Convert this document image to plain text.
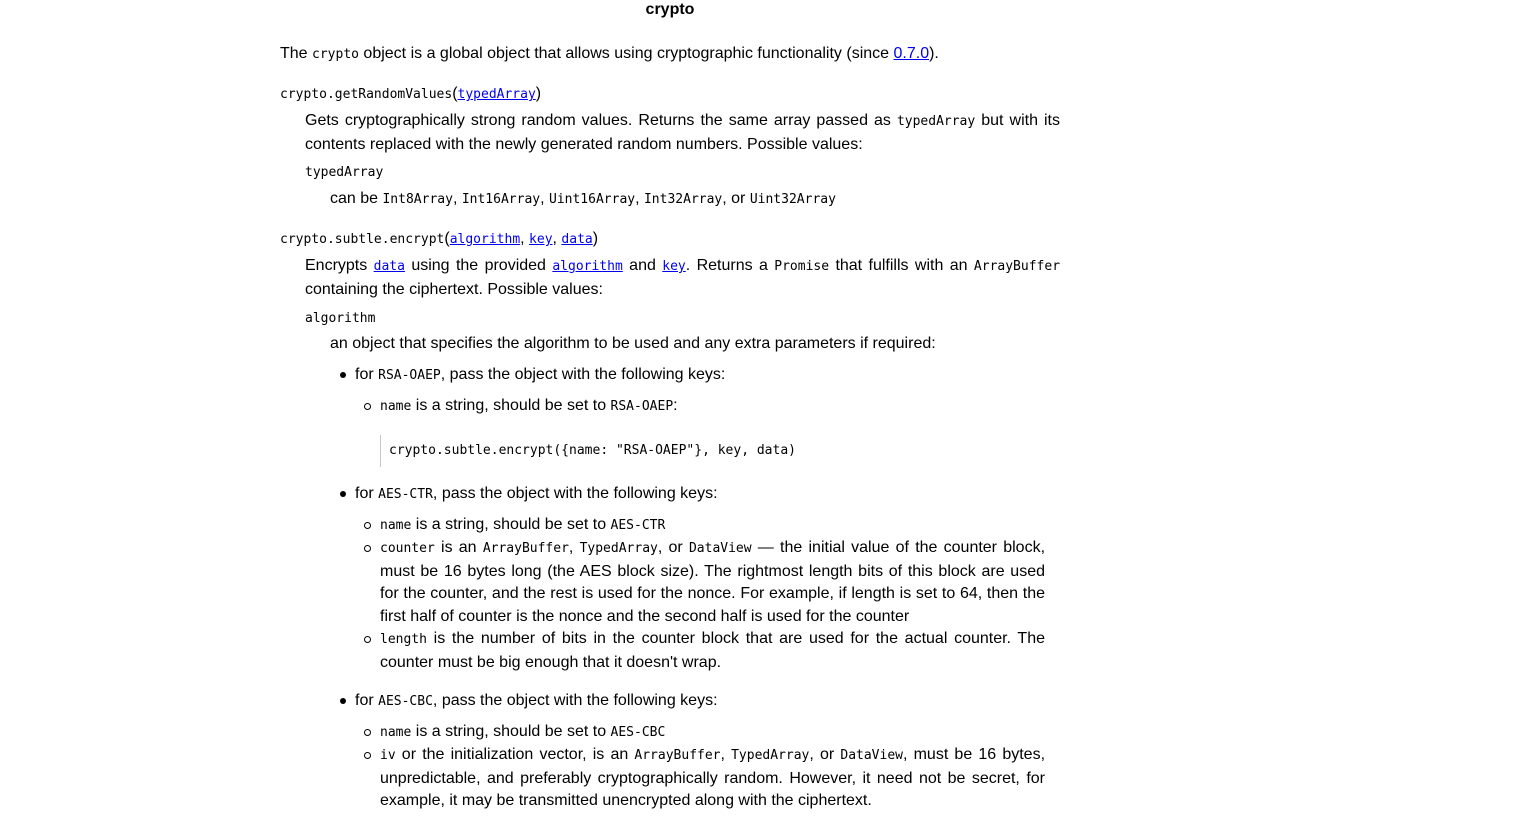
crypto
The crypto object is a global object that allows using cryptographic functionality (since 0.7.0).
crypto.getRandomValues(typedArray)
Gets cryptographically strong random values. Returns the same array passed as typedArray but with its contents replaced with the newly generated random numbers. Possible values:
typedArray
can be Int8Array, Int16Array, Uint16Array, Int32Array, or Uint32Array
crypto.subtle.encrypt(algorithm, key, data)
Encrypts data using the provided algorithm and key. Returns a Promise that fulfills with an ArrayBuffer containing the ciphertext. Possible values:
algorithm
an object that specifies the algorithm to be used and any extra parameters if required:
for RSA-OAEP, pass the object with the following keys:
name is a string, should be set to RSA-OAEP:
crypto.subtle.encrypt({name: "RSA-OAEP"}, key, data)
for AES-CTR, pass the object with the following keys:
name is a string, should be set to AES-CTR
counter is an ArrayBuffer, TypedArray, or DataView — the initial value of the counter block, must be 16 bytes long (the AES block size). The rightmost length bits of this block are used for the counter, and the rest is used for the nonce. For example, if length is set to 64, then the first half of counter is the nonce and the second half is used for the counter
length is the number of bits in the counter block that are used for the actual counter. The counter must be big enough that it doesn't wrap.
for AES-CBC, pass the object with the following keys:
name is a string, should be set to AES-CBC
iv or the initialization vector, is an ArrayBuffer, TypedArray, or DataView, must be 16 bytes, unpredictable, and preferably cryptographically random. However, it need not be secret, for example, it may be transmitted unencrypted along with the ciphertext.
